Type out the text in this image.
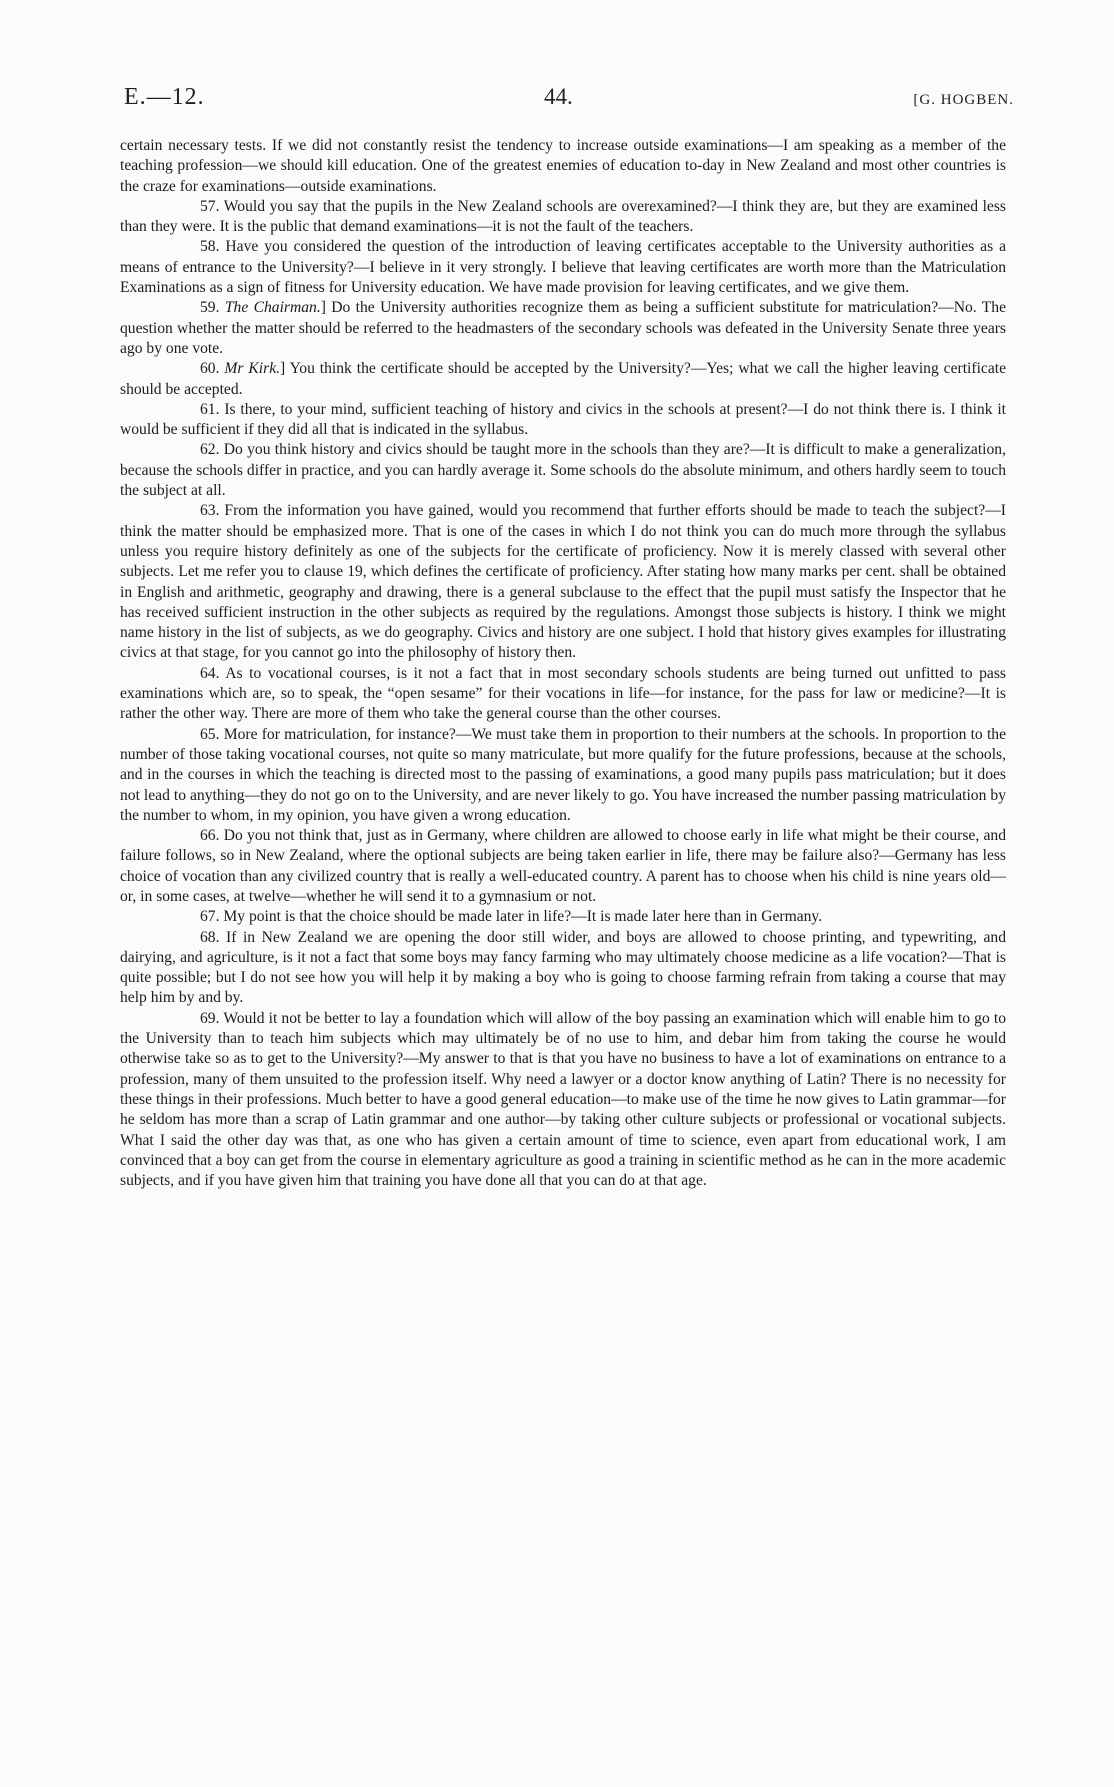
E.—12.	44.	[G. HOGBEN.

certain necessary tests. If we did not constantly resist the tendency to increase outside examinations—I am speaking as a member of the teaching profession—we should kill education. One of the greatest enemies of education to-day in New Zealand and most other countries is the craze for examinations—outside examinations.

57. Would you say that the pupils in the New Zealand schools are overexamined?—I think they are, but they are examined less than they were. It is the public that demand examinations—it is not the fault of the teachers.

58. Have you considered the question of the introduction of leaving certificates acceptable to the University authorities as a means of entrance to the University?—I believe in it very strongly. I believe that leaving certificates are worth more than the Matriculation Examinations as a sign of fitness for University education. We have made provision for leaving certificates, and we give them.

59. The Chairman.] Do the University authorities recognize them as being a sufficient substitute for matriculation?—No. The question whether the matter should be referred to the headmasters of the secondary schools was defeated in the University Senate three years ago by one vote.

60. Mr Kirk.] You think the certificate should be accepted by the University?—Yes; what we call the higher leaving certificate should be accepted.

61. Is there, to your mind, sufficient teaching of history and civics in the schools at present?—I do not think there is. I think it would be sufficient if they did all that is indicated in the syllabus.

62. Do you think history and civics should be taught more in the schools than they are?—It is difficult to make a generalization, because the schools differ in practice, and you can hardly average it. Some schools do the absolute minimum, and others hardly seem to touch the subject at all.

63. From the information you have gained, would you recommend that further efforts should be made to teach the subject?—I think the matter should be emphasized more. That is one of the cases in which I do not think you can do much more through the syllabus unless you require history definitely as one of the subjects for the certificate of proficiency. Now it is merely classed with several other subjects. Let me refer you to clause 19, which defines the certificate of proficiency. After stating how many marks per cent. shall be obtained in English and arithmetic, geography and drawing, there is a general subclause to the effect that the pupil must satisfy the Inspector that he has received sufficient instruction in the other subjects as required by the regulations. Amongst those subjects is history. I think we might name history in the list of subjects, as we do geography. Civics and history are one subject. I hold that history gives examples for illustrating civics at that stage, for you cannot go into the philosophy of history then.

64. As to vocational courses, is it not a fact that in most secondary schools students are being turned out unfitted to pass examinations which are, so to speak, the “open sesame” for their vocations in life—for instance, for the pass for law or medicine?—It is rather the other way. There are more of them who take the general course than the other courses.

65. More for matriculation, for instance?—We must take them in proportion to their numbers at the schools. In proportion to the number of those taking vocational courses, not quite so many matriculate, but more qualify for the future professions, because at the schools, and in the courses in which the teaching is directed most to the passing of examinations, a good many pupils pass matriculation; but it does not lead to anything—they do not go on to the University, and are never likely to go. You have increased the number passing matriculation by the number to whom, in my opinion, you have given a wrong education.

66. Do you not think that, just as in Germany, where children are allowed to choose early in life what might be their course, and failure follows, so in New Zealand, where the optional subjects are being taken earlier in life, there may be failure also?—Germany has less choice of vocation than any civilized country that is really a well-educated country. A parent has to choose when his child is nine years old—or, in some cases, at twelve—whether he will send it to a gymnasium or not.

67. My point is that the choice should be made later in life?—It is made later here than in Germany.

68. If in New Zealand we are opening the door still wider, and boys are allowed to choose printing, and typewriting, and dairying, and agriculture, is it not a fact that some boys may fancy farming who may ultimately choose medicine as a life vocation?—That is quite possible; but I do not see how you will help it by making a boy who is going to choose farming refrain from taking a course that may help him by and by.

69. Would it not be better to lay a foundation which will allow of the boy passing an examination which will enable him to go to the University than to teach him subjects which may ultimately be of no use to him, and debar him from taking the course he would otherwise take so as to get to the University?—My answer to that is that you have no business to have a lot of examinations on entrance to a profession, many of them unsuited to the profession itself. Why need a lawyer or a doctor know anything of Latin? There is no necessity for these things in their professions. Much better to have a good general education—to make use of the time he now gives to Latin grammar—for he seldom has more than a scrap of Latin grammar and one author—by taking other culture subjects or professional or vocational subjects. What I said the other day was that, as one who has given a certain amount of time to science, even apart from educational work, I am convinced that a boy can get from the course in elementary agriculture as good a training in scientific method as he can in the more academic subjects, and if you have given him that training you have done all that you can do at that age.
